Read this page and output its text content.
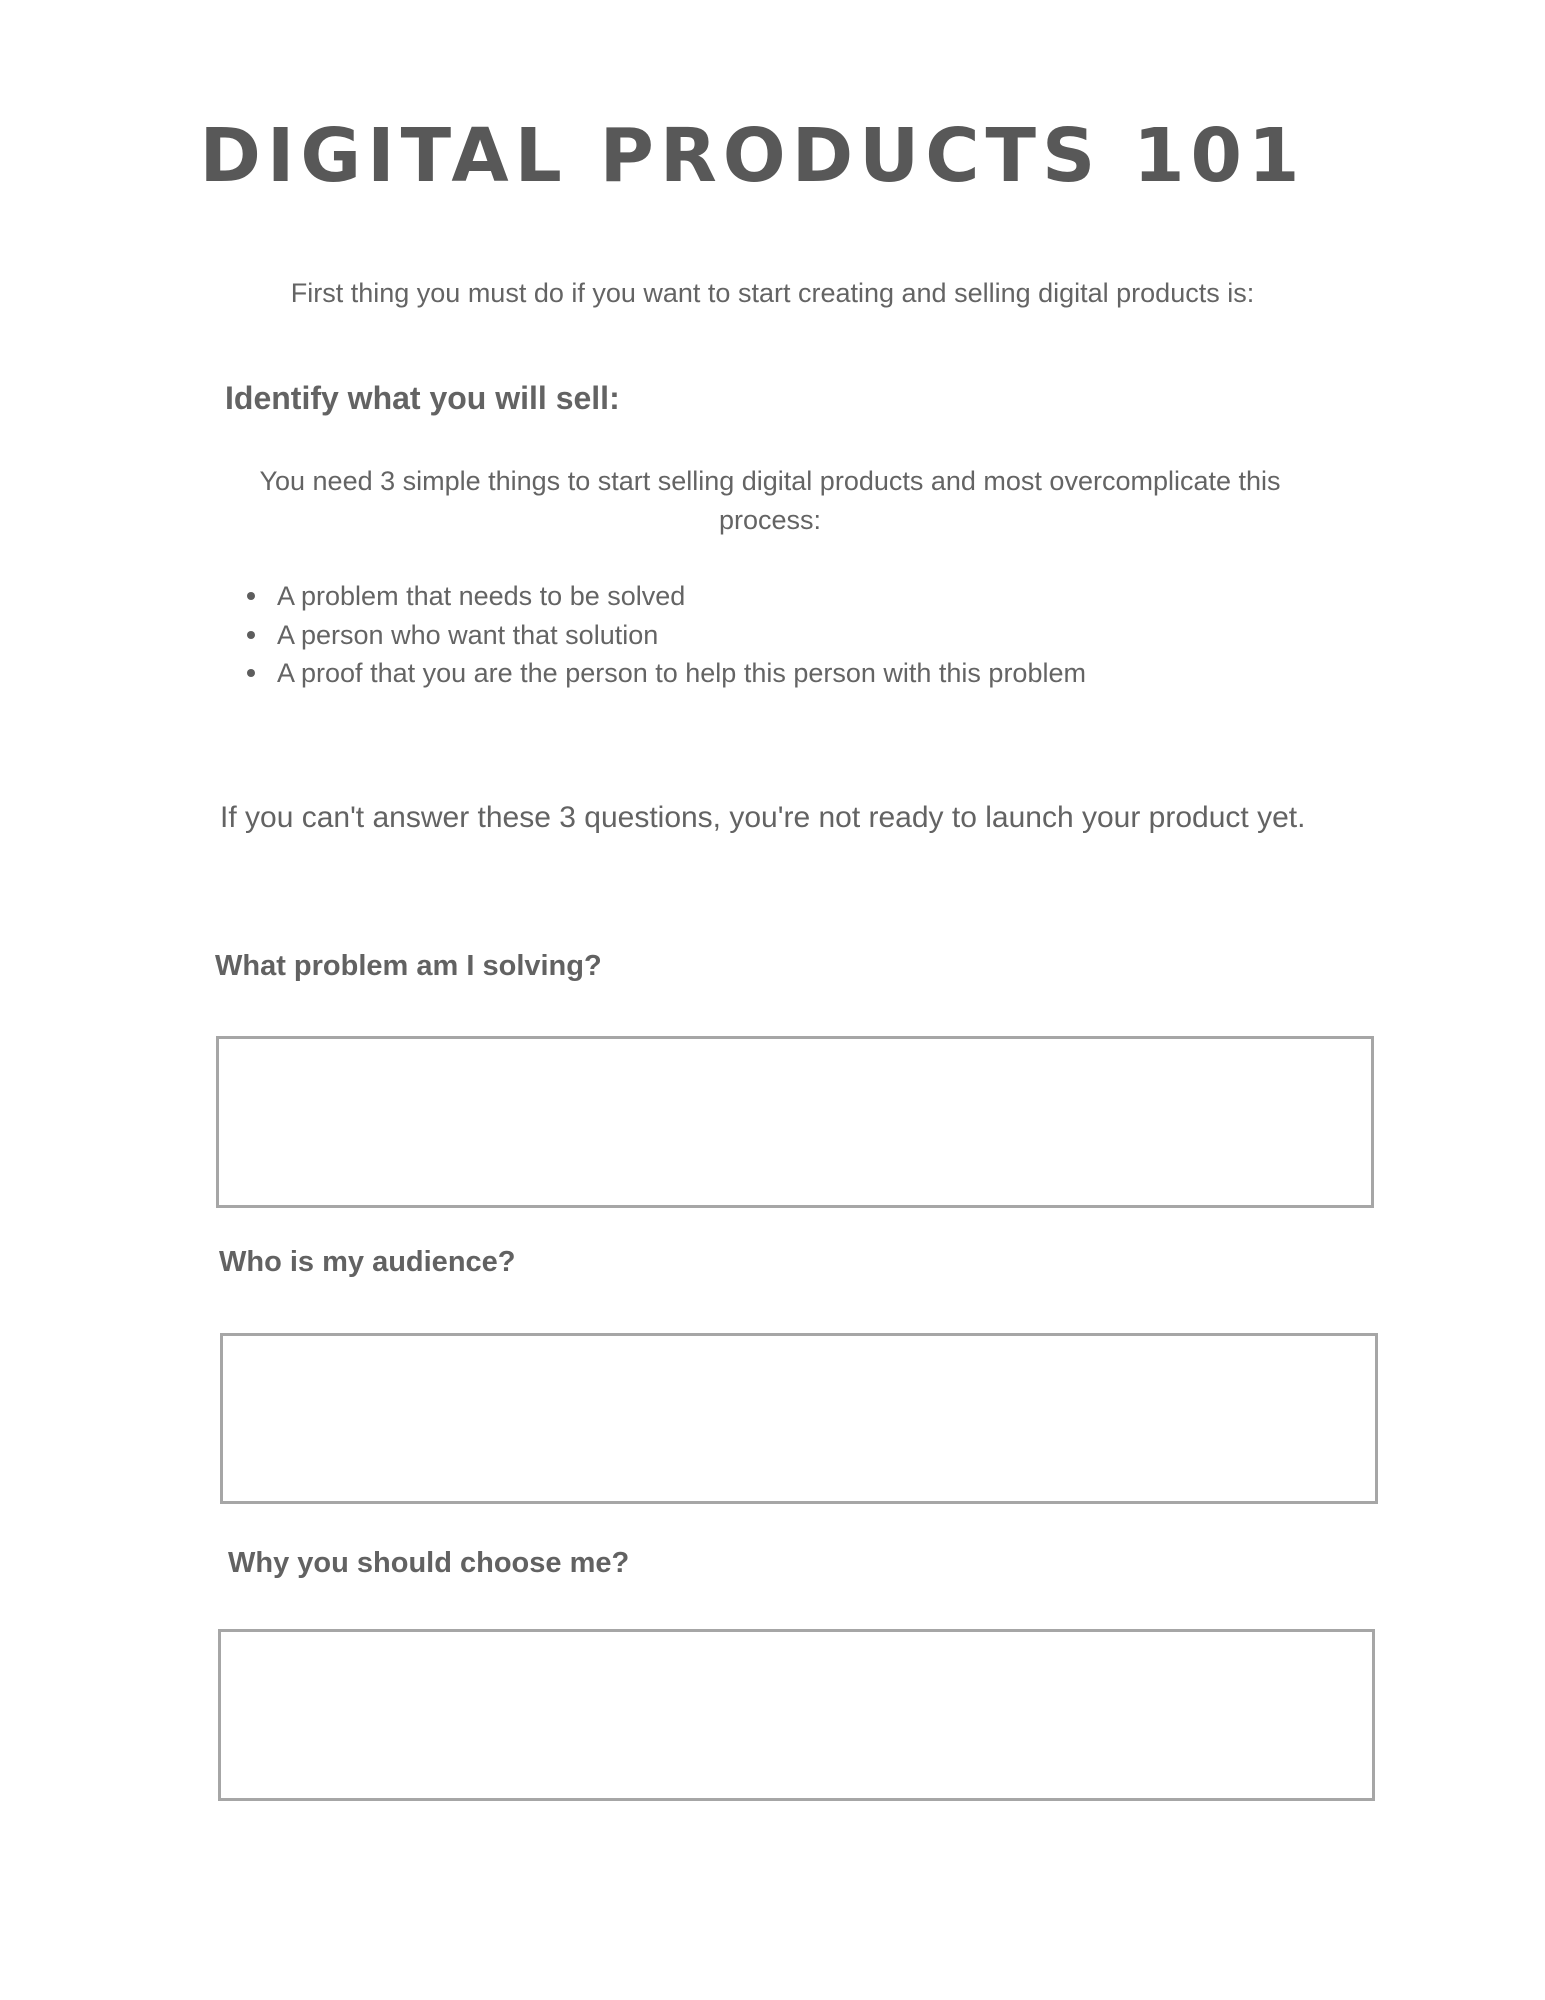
DIGITAL PRODUCTS 101

First thing you must do if you want to start creating and selling digital products is:

Identify what you will sell:

You need 3 simple things to start selling digital products and most overcomplicate this process:

A problem that needs to be solved
A person who want that solution
A proof that you are the person to help this person with this problem

If you can't answer these 3 questions, you're not ready to launch your product yet.

What problem am I solving?
Who is my audience?
Why you should choose me?
